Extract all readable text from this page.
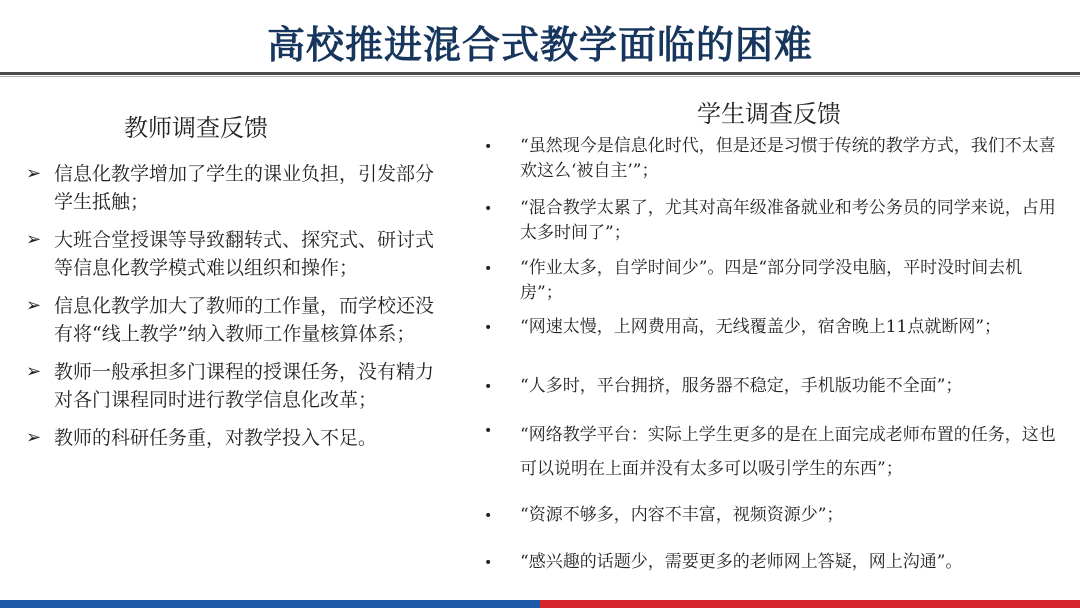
高校推进混合式教学面临的困难
教师调查反馈
➢ 信息化教学增加了学生的课业负担，引发部分学生抵触；
➢ 大班合堂授课等导致翻转式、探究式、研讨式等信息化教学模式难以组织和操作；
➢ 信息化教学加大了教师的工作量，而学校还没有将“线上教学”纳入教师工作量核算体系；
➢ 教师一般承担多门课程的授课任务，没有精力对各门课程同时进行教学信息化改革；
➢ 教师的科研任务重，对教学投入不足。
学生调查反馈
•	“虽然现今是信息化时代，但是还是习惯于传统的教学方式，我们不太喜欢这么‘被自主’”；
•	“混合教学太累了，尤其对高年级准备就业和考公务员的同学来说，占用太多时间了”；
•	“作业太多，自学时间少”。四是“部分同学没电脑，平时没时间去机房”；
•	“网速太慢，上网费用高，无线覆盖少，宿舍晚上11点就断网”；
•	“人多时，平台拥挤，服务器不稳定，手机版功能不全面”；
•	“网络教学平台：实际上学生更多的是在上面完成老师布置的任务，这也可以说明在上面并没有太多可以吸引学生的东西”；
•	“资源不够多，内容不丰富，视频资源少”；
•	“感兴趣的话题少，需要更多的老师网上答疑，网上沟通”。
